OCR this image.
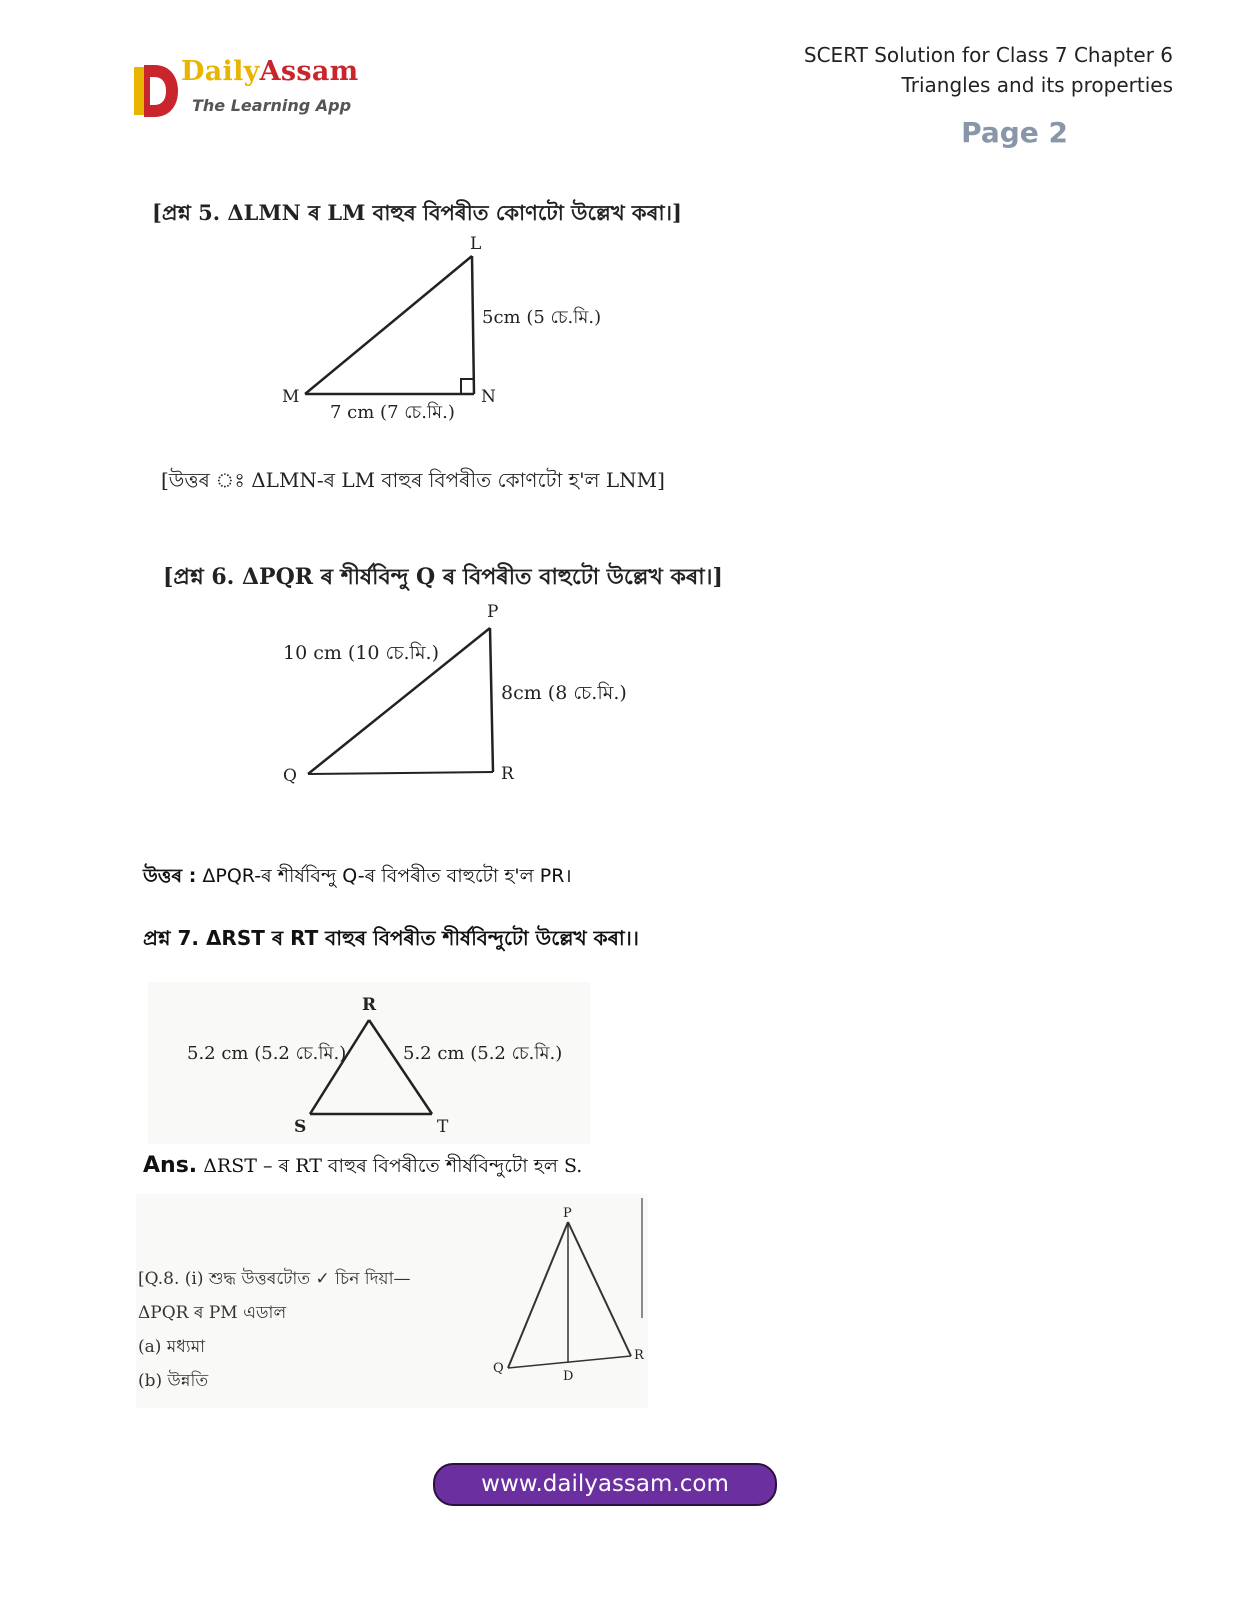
DailyAssam
The Learning App
SCERT Solution for Class 7 Chapter 6
Triangles and its properties
Page 2
[প্ৰশ্ন 5. ΔLMN ৰ LM বাহুৰ বিপৰীত কোণটো উল্লেখ কৰা।]
L
M	N
5cm (5 চে.মি.)
7 cm (7 চে.মি.)
[উত্তৰ ঃ ΔLMN-ৰ LM বাহুৰ বিপৰীত কোণটো হ'ল LNM]
[প্ৰশ্ন 6. ΔPQR ৰ শীৰ্ষবিন্দু Q ৰ বিপৰীত বাহুটো উল্লেখ কৰা।]
P
Q	R
10 cm (10 চে.মি.)
8cm (8 চে.মি.)
উত্তৰ : ΔPQR-ৰ শীৰ্ষবিন্দু Q-ৰ বিপৰীত বাহুটো হ'ল PR।
প্ৰশ্ন 7. ΔRST ৰ RT বাহুৰ বিপৰীত শীৰ্ষবিন্দুটো উল্লেখ কৰা।।
R
S	T
5.2 cm (5.2 চে.মি.)	5.2 cm (5.2 চে.মি.)
Ans. ΔRST – ৰ RT বাহুৰ বিপৰীতে শীৰ্ষবিন্দুটো হল S.
[Q.8. (i) শুদ্ধ উত্তৰটোত ✓ চিন দিয়া—
ΔPQR ৰ PM এডাল
(a) মধ্যমা
(b) উন্নতি
P
Q
R
D
www.dailyassam.com
